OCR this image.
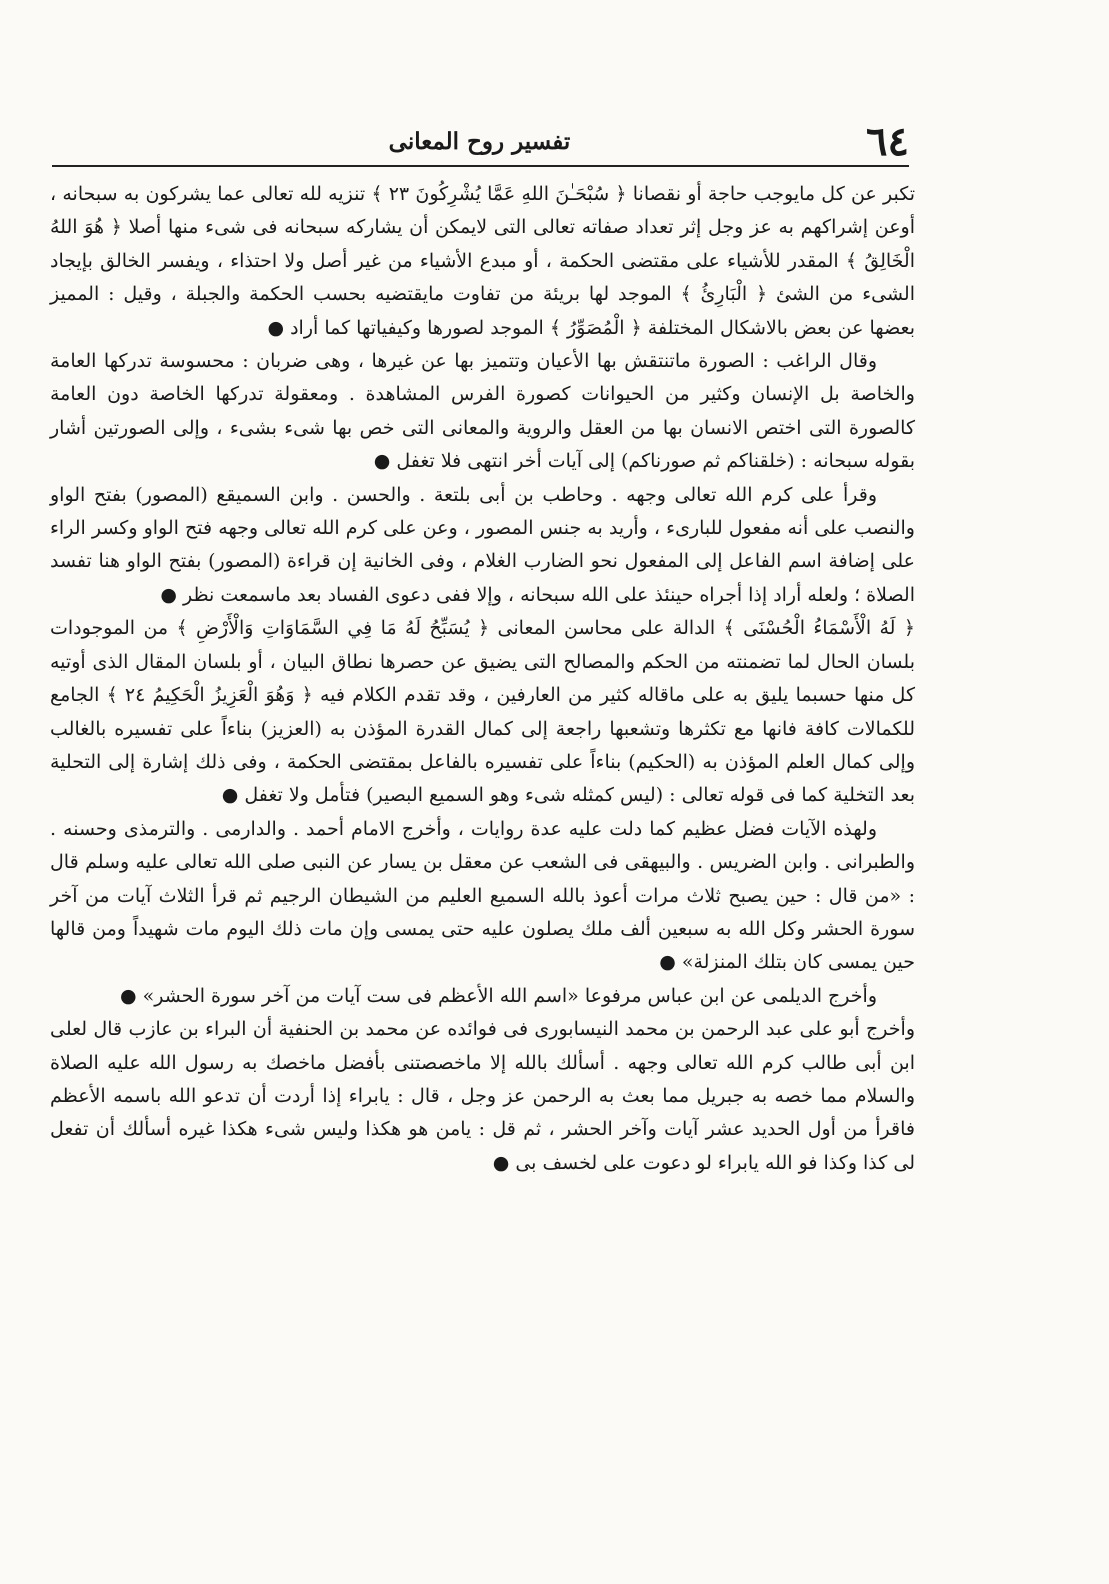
تفسير روح المعانى	٦٤

تكبر عن كل مايوجب حاجة أو نقصانا ﴿ سُبْحَـٰنَ اللهِ عَمَّا يُشْرِكُونَ ٢٣ ﴾ تنزيه لله تعالى عما يشركون به سبحانه ، أوعن إشراكهم به عز وجل إثر تعداد صفاته تعالى التى لايمكن أن يشاركه سبحانه فى شىء منها أصلا ﴿ هُوَ اللهُ الْخَالِقُ ﴾ المقدر للأشياء على مقتضى الحكمة ، أو مبدع الأشياء من غير أصل ولا احتذاء ، ويفسر الخالق بإيجاد الشىء من الشئ ﴿ الْبَارِئُ ﴾ الموجد لها بريئة من تفاوت مايقتضيه بحسب الحكمة والجبلة ، وقيل : المميز بعضها عن بعض بالاشكال المختلفة ﴿ الْمُصَوِّرُ ﴾ الموجد لصورها وكيفياتها كما أراد ●

وقال الراغب : الصورة ماتنتقش بها الأعيان وتتميز بها عن غيرها ، وهى ضربان : محسوسة تدركها العامة والخاصة بل الإنسان وكثير من الحيوانات كصورة الفرس المشاهدة . ومعقولة تدركها الخاصة دون العامة كالصورة التى اختص الانسان بها من العقل والروية والمعانى التى خص بها شىء بشىء ، وإلى الصورتين أشار بقوله سبحانه : (خلقناكم ثم صورناكم) إلى آيات أخر انتهى فلا تغفل ●

وقرأ على كرم الله تعالى وجهه . وحاطب بن أبى بلتعة . والحسن . وابن السميقع (المصور) بفتح الواو والنصب على أنه مفعول للبارىء ، وأريد به جنس المصور ، وعن على كرم الله تعالى وجهه فتح الواو وكسر الراء على إضافة اسم الفاعل إلى المفعول نحو الضارب الغلام ، وفى الخانية إن قراءة (المصور) بفتح الواو هنا تفسد الصلاة ؛ ولعله أراد إذا أجراه حينئذ على الله سبحانه ، وإلا ففى دعوى الفساد بعد ماسمعت نظر ●

﴿ لَهُ الْأَسْمَاءُ الْحُسْنَى ﴾ الدالة على محاسن المعانى ﴿ يُسَبِّحُ لَهُ مَا فِي السَّمَاوَاتِ وَالْأَرْضِ ﴾ من الموجودات بلسان الحال لما تضمنته من الحكم والمصالح التى يضيق عن حصرها نطاق البيان ، أو بلسان المقال الذى أوتيه كل منها حسبما يليق به على ماقاله كثير من العارفين ، وقد تقدم الكلام فيه ﴿ وَهُوَ الْعَزِيزُ الْحَكِيمُ ٢٤ ﴾ الجامع للكمالات كافة فانها مع تكثرها وتشعبها راجعة إلى كمال القدرة المؤذن به (العزيز) بناءاً على تفسيره بالغالب وإلى كمال العلم المؤذن به (الحكيم) بناءاً على تفسيره بالفاعل بمقتضى الحكمة ، وفى ذلك إشارة إلى التحلية بعد التخلية كما فى قوله تعالى : (ليس كمثله شىء وهو السميع البصير) فتأمل ولا تغفل ●

ولهذه الآيات فضل عظيم كما دلت عليه عدة روايات ، وأخرج الامام أحمد . والدارمى . والترمذى وحسنه . والطبرانى . وابن الضريس . والبيهقى فى الشعب عن معقل بن يسار عن النبى صلى الله تعالى عليه وسلم قال : «من قال : حين يصبح ثلاث مرات أعوذ بالله السميع العليم من الشيطان الرجيم ثم قرأ الثلاث آيات من آخر سورة الحشر وكل الله به سبعين ألف ملك يصلون عليه حتى يمسى وإن مات ذلك اليوم مات شهيداً ومن قالها حين يمسى كان بتلك المنزلة» ●

وأخرج الديلمى عن ابن عباس مرفوعا «اسم الله الأعظم فى ست آيات من آخر سورة الحشر» ●

وأخرج أبو على عبد الرحمن بن محمد النيسابورى فى فوائده عن محمد بن الحنفية أن البراء بن عازب قال لعلى ابن أبى طالب كرم الله تعالى وجهه . أسألك بالله إلا ماخصصتنى بأفضل ماخصك به رسول الله عليه الصلاة والسلام مما خصه به جبريل مما بعث به الرحمن عز وجل ، قال : يابراء إذا أردت أن تدعو الله باسمه الأعظم فاقرأ من أول الحديد عشر آيات وآخر الحشر ، ثم قل : يامن هو هكذا وليس شىء هكذا غيره أسألك أن تفعل لى كذا وكذا فو الله يابراء لو دعوت على لخسف بى ●
